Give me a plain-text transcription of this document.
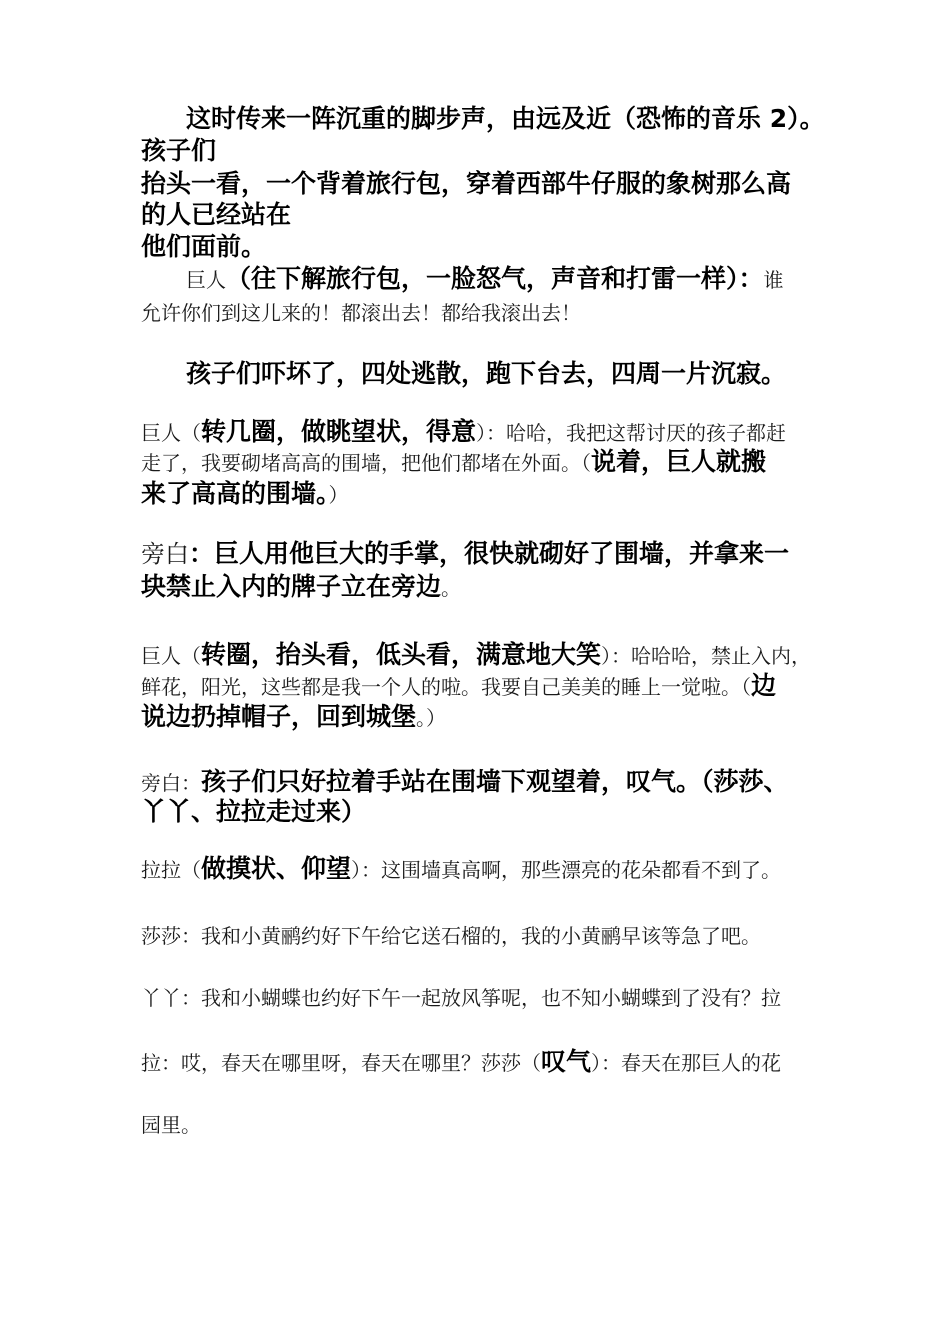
这时传来一阵沉重的脚步声，由远及近（恐怖的音乐 2）。
孩子们
抬头一看，一个背着旅行包，穿着西部牛仔服的象树那么高
的人已经站在
他们面前。
巨人（往下解旅行包，一脸怒气，声音和打雷一样）：谁
允许你们到这儿来的！都滚出去！都给我滚出去！
孩子们吓坏了，四处逃散，跑下台去，四周一片沉寂。
巨人（转几圈，做眺望状，得意）：哈哈，我把这帮讨厌的孩子都赶
走了，我要砌堵高高的围墙，把他们都堵在外面。（说着，巨人就搬
来了高高的围墙。）
旁白：巨人用他巨大的手掌，很快就砌好了围墙，并拿来一
块禁止入内的牌子立在旁边。
巨人（转圈，抬头看，低头看，满意地大笑）：哈哈哈，禁止入内，
鲜花，阳光，这些都是我一个人的啦。我要自己美美的睡上一觉啦。（边
说边扔掉帽子，回到城堡。）
旁白：孩子们只好拉着手站在围墙下观望着，叹气。（莎莎、
丫丫、拉拉走过来）
拉拉（做摸状、仰望）：这围墙真高啊，那些漂亮的花朵都看不到了。
莎莎：我和小黄鹂约好下午给它送石榴的，我的小黄鹂早该等急了吧。
丫丫：我和小蝴蝶也约好下午一起放风筝呢，也不知小蝴蝶到了没有？拉
拉：哎，春天在哪里呀，春天在哪里？莎莎（叹气）：春天在那巨人的花
园里。
